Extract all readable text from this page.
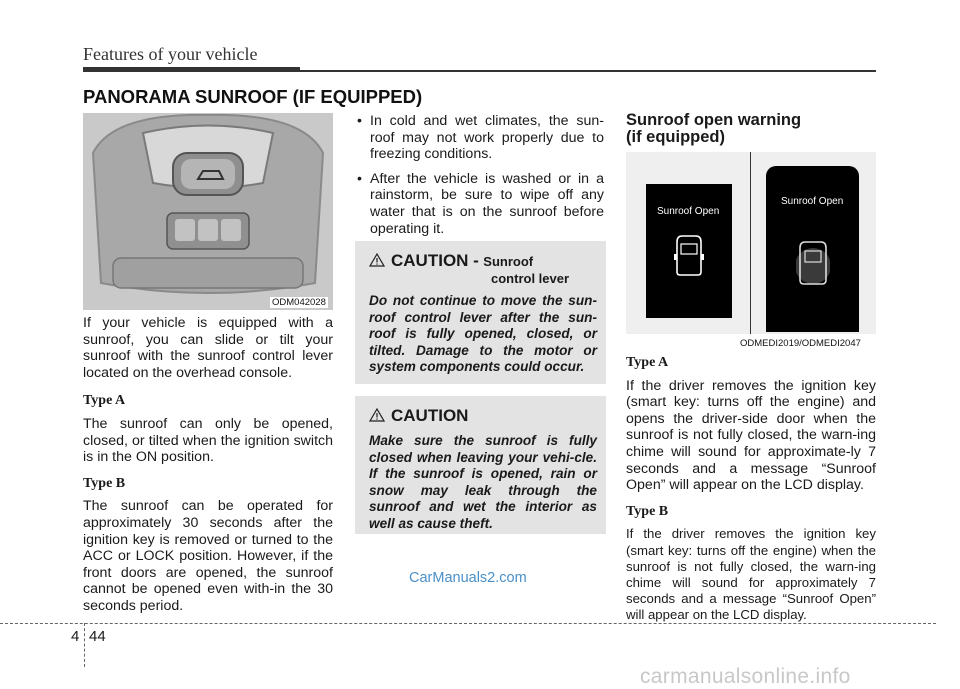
Features of your vehicle
PANORAMA SUNROOF (IF EQUIPPED)
ODM042028

If your vehicle is equipped with a sunroof, you can slide or tilt your sunroof with the sunroof control lever located on the overhead console.

Type A

The sunroof can only be opened, closed, or tilted when the ignition switch is in the ON position.

Type B

The sunroof can be operated for approximately 30 seconds after the ignition key is removed or turned to the ACC or LOCK position. However, if the front doors are opened, the sunroof cannot be opened even with-in the 30 seconds period.

• In cold and wet climates, the sun-roof may not work properly due to freezing conditions.
• After the vehicle is washed or in a rainstorm, be sure to wipe off any water that is on the sunroof before operating it.
CAUTION - Sunroof
control lever
Do not continue to move the sun-roof control lever after the sun-roof is fully opened, closed, or tilted. Damage to the motor or system components could occur.
CAUTION
Make sure the sunroof is fully closed when leaving your vehi-cle. If the sunroof is opened, rain or snow may leak through the sunroof and wet the interior as well as cause theft.
Sunroof open warning
(if equipped)
Sunroof Open
Sunroof Open
ODMEDI2019/ODMEDI2047
Type A

If the driver removes the ignition key (smart key: turns off the engine) and opens the driver-side door when the sunroof is not fully closed, the warn-ing chime will sound for approximate-ly 7 seconds and a message “Sunroof Open” will appear on the LCD display.

Type B

If the driver removes the ignition key (smart key: turns off the engine) when the sunroof is not fully closed, the warn-ing chime will sound for approximately 7 seconds and a message “Sunroof Open” will appear on the LCD display.

CarManuals2.com
4 44
carmanualsonline.info
